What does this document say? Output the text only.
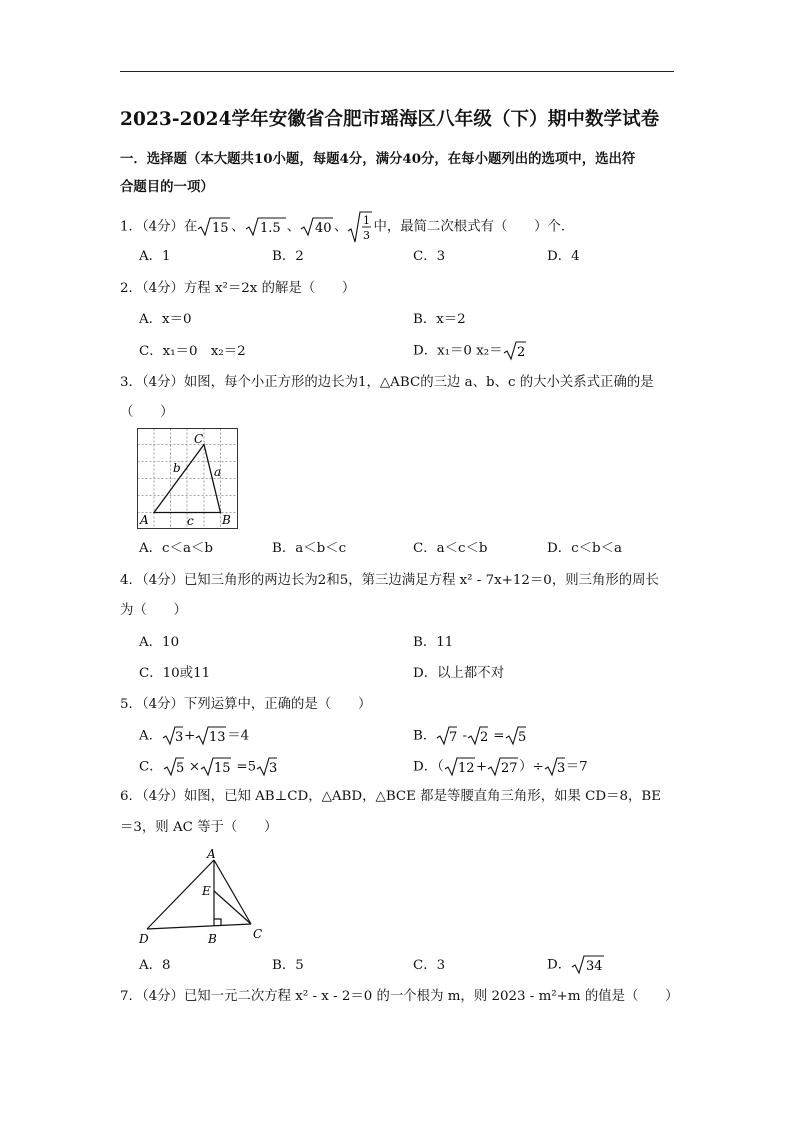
2023-2024学年安徽省合肥市瑶海区八年级（下）期中数学试卷
一．选择题（本大题共10小题，每题4分，满分40分，在每小题列出的选项中，选出符
合题目的一项）
1．（4分）在 15 、 1.5 、 40 、 1
3
中，最简二次根式有（　　）个．
A．1	B．2	C．3	D．4
2．（4分）方程 x²＝2x 的解是（　　）
A．x＝0	B．x＝2
C．x₁＝0　x₂＝2	D．x₁＝0 x₂＝ 2
3．（4分）如图，每个小正方形的边长为1，△ABC的三边 a、b、c 的大小关系式正确的是
（　　）
A	B
C
a
b
c
A．c＜a＜b	B．a＜b＜c	C．a＜c＜b	D．c＜b＜a
4．（4分）已知三角形的两边长为2和5，第三边满足方程 x² - 7x+12＝0，则三角形的周长
为（　　）
A．10	B．11
C．10或11	D．以上都不对
5．（4分）下列运算中，正确的是（　　）
A． 3 + 13 ＝4	B． 7 - 2 = 5
C． 5 × 15 =5 3	D．（ 12 + 27 ）÷ 3 ＝7
6．（4分）如图，已知 AB⊥CD，△ABD，△BCE 都是等腰直角三角形，如果 CD＝8，BE
＝3，则 AC 等于（　　）
A
E
D	B	C
A．8	B．5	C．3	D． 34
7．（4分）已知一元二次方程 x² - x - 2＝0 的一个根为 m，则 2023 - m²+m 的值是（　　）
